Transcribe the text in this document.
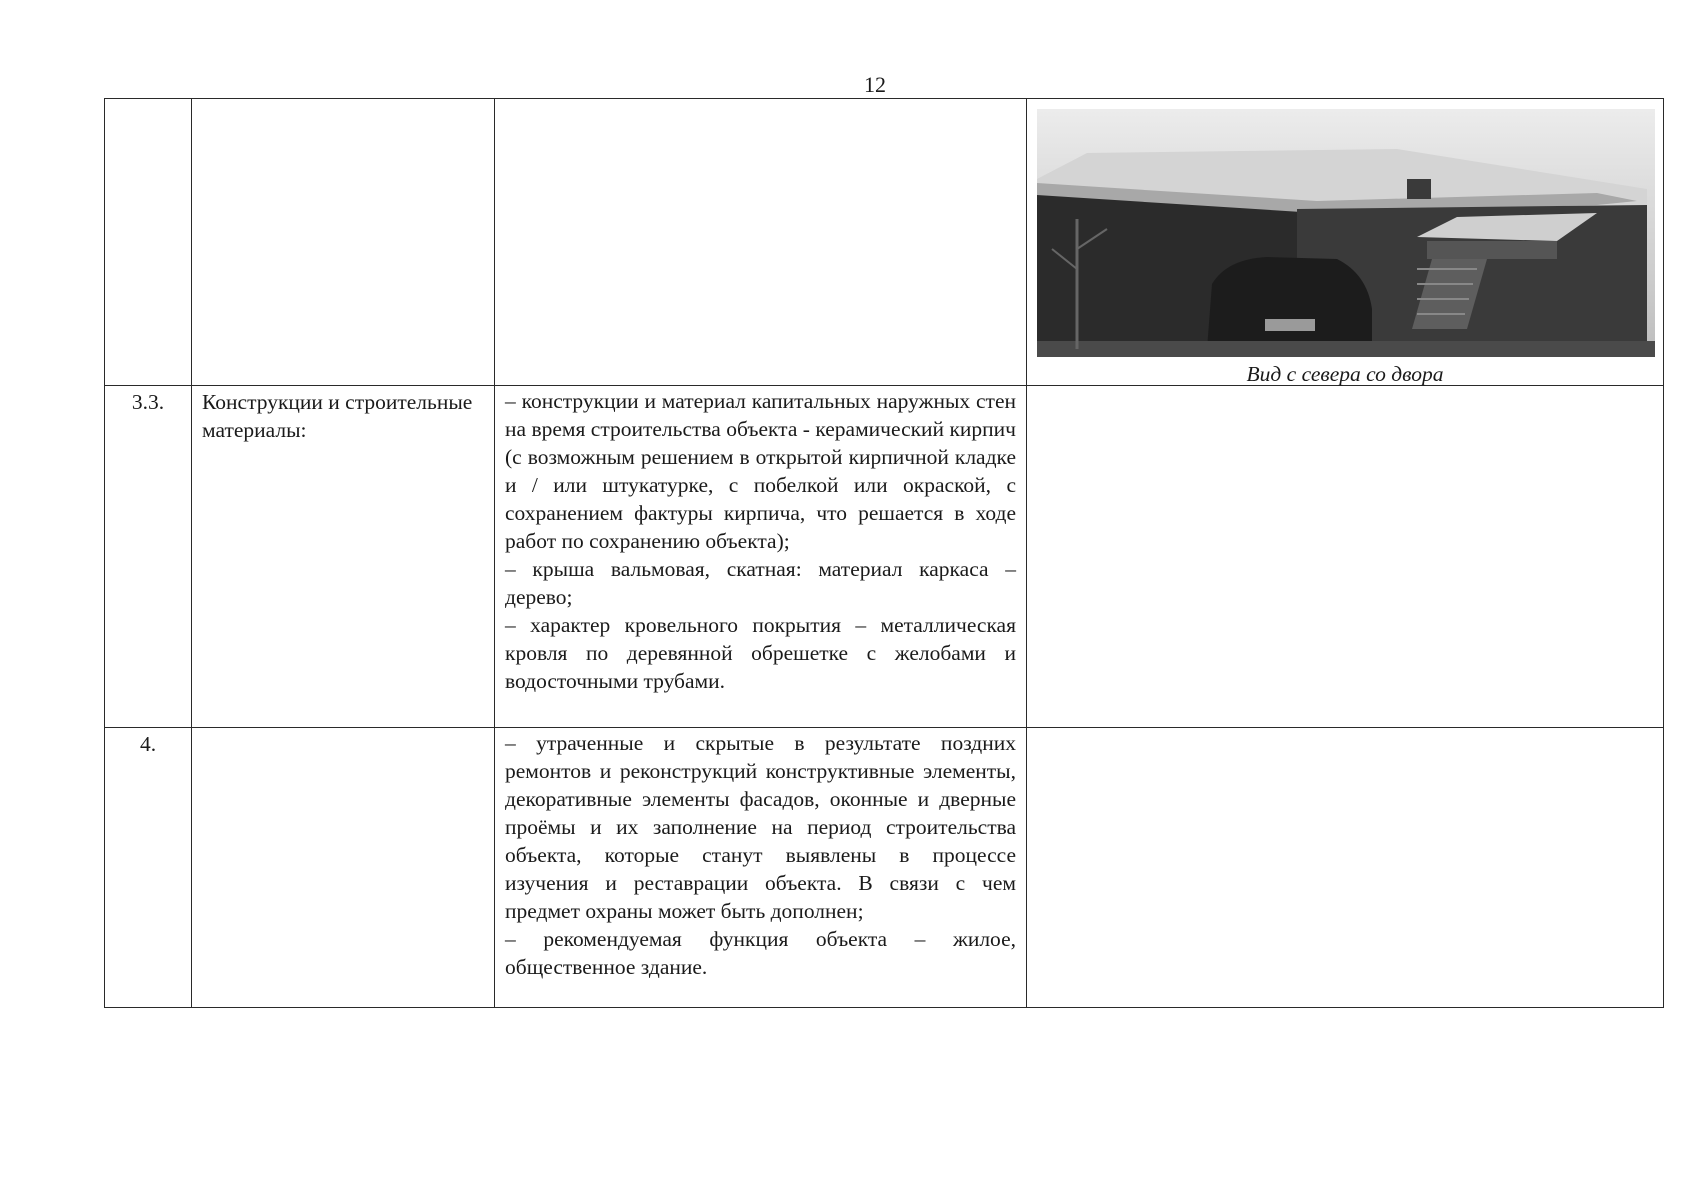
12

			Вид с севера со двора

3.3.	Конструкции и строительные материалы:	– конструкции и материал капитальных наружных стен на время строительства объекта - керамический кирпич (с возможным решением в открытой кирпичной кладке и / или штукатурке, с побелкой или окраской, с сохранением фактуры кирпича, что решается в ходе работ по сохранению объекта);

– крыша вальмовая, скатная: материал каркаса – дерево;

– характер кровельного покрытия – металлическая кровля по деревянной обрешетке с желобами и водосточными трубами.	

4.		– утраченные и скрытые в результате поздних ремонтов и реконструкций конструктивные элементы, декоративные элементы фасадов, оконные и дверные проёмы и их заполнение на период строительства объекта, которые станут выявлены в процессе изучения и реставрации объекта. В связи с чем предмет охраны может быть дополнен;

– рекомендуемая функция объекта – жилое, общественное здание.	
